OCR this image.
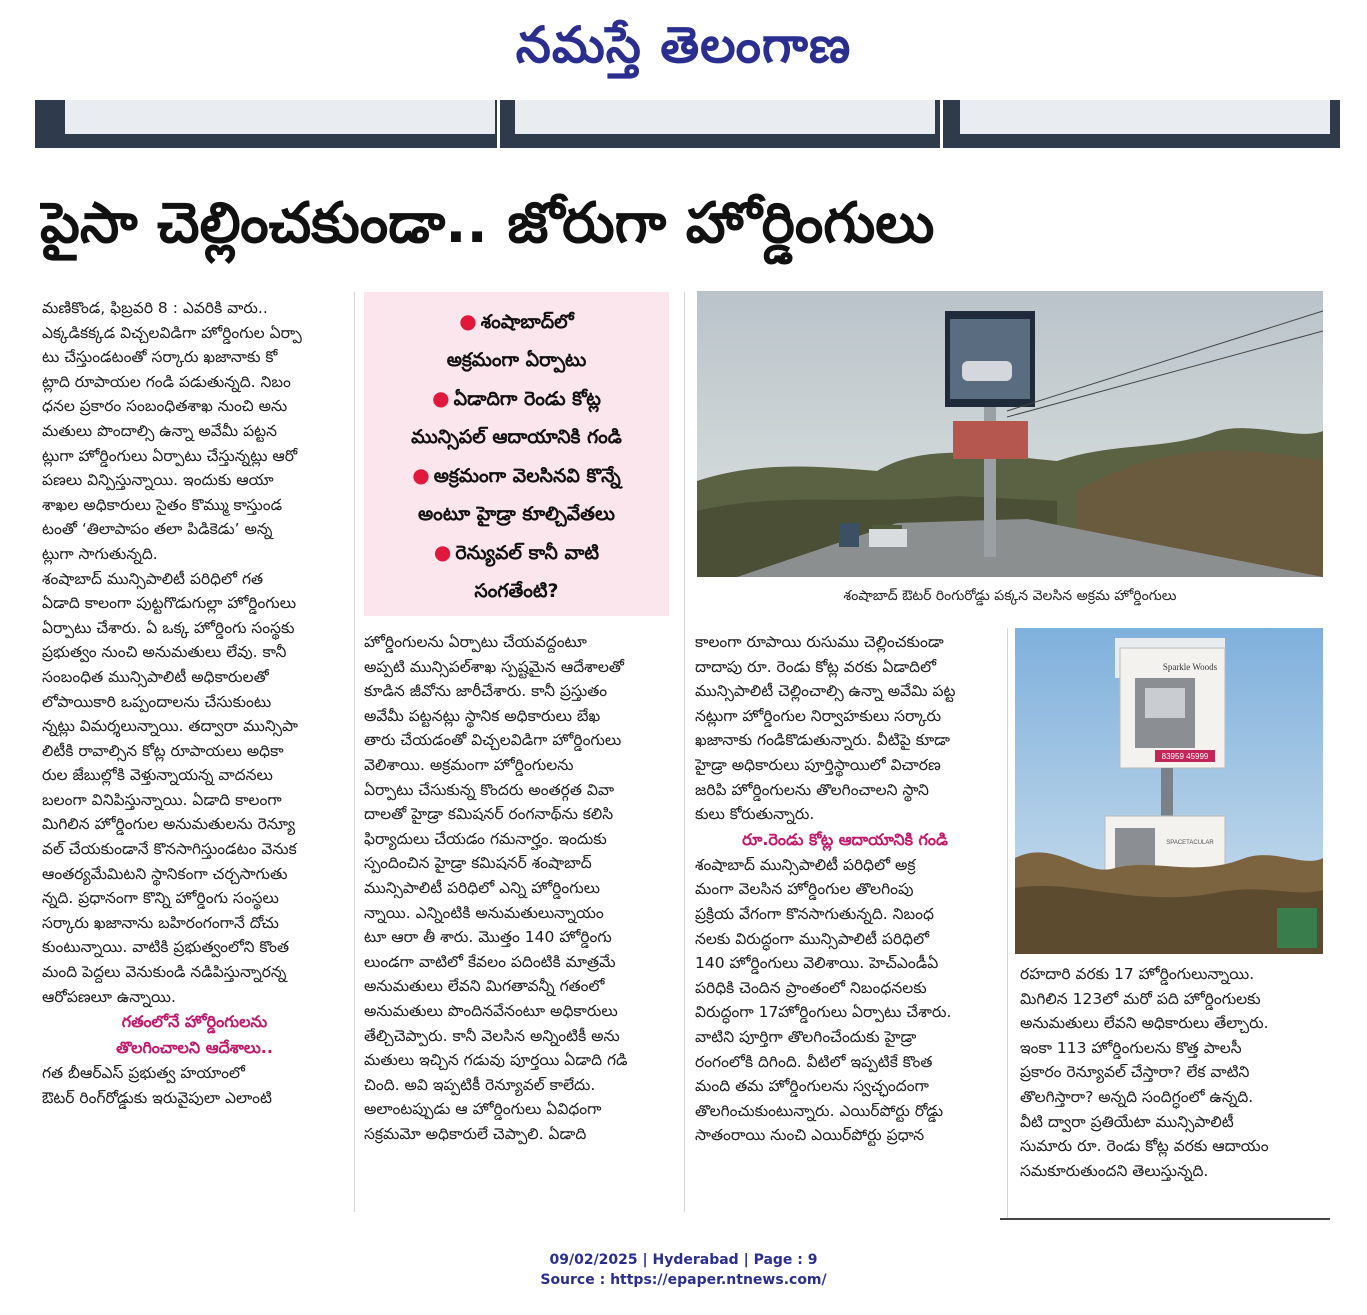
నమస్తే తెలంగాణ
పైసా చెల్లించకుండా.. జోరుగా హోర్డింగులు
మణికొండ, ఫిబ్రవరి 8 : ఎవరికి వారు..
ఎక్కడికక్కడ విచ్చలవిడిగా హోర్డింగుల ఏర్పా
టు చేస్తుండటంతో సర్కారు ఖజానాకు కో
ట్లాది రూపాయల గండి పడుతున్నది. నిబం
ధనల ప్రకారం సంబంధితశాఖ నుంచి అను
మతులు పొందాల్సి ఉన్నా అవేమీ పట్టన
ట్లుగా హోర్డింగులు ఏర్పాటు చేస్తున్నట్లు ఆరో
పణలు విన్పిస్తున్నాయి. ఇందుకు ఆయా
శాఖల అధికారులు సైతం కొమ్ము కాస్తుండ
టంతో ‘తిలాపాపం తలా పిడికెడు’ అన్న
ట్లుగా సాగుతున్నది.
శంషాబాద్ మున్సిపాలిటీ పరిధిలో గత
ఏడాది కాలంగా పుట్టగొడుగుల్లా హోర్డింగులు
ఏర్పాటు చేశారు. ఏ ఒక్క హోర్డింగు సంస్థకు
ప్రభుత్వం నుంచి అనుమతులు లేవు. కానీ
సంబంధిత మున్సిపాలిటీ అధికారులతో
లోపాయికారి ఒప్పందాలను చేసుకుంటు
న్నట్లు విమర్శలున్నాయి. తద్వారా మున్సిపా
లిటీకి రావాల్సిన కోట్ల రూపాయలు అధికా
రుల జేబుల్లోకి వెళ్తున్నాయన్న వాదనలు
బలంగా వినిపిస్తున్నాయి. ఏడాది కాలంగా
మిగిలిన హోర్డింగుల అనుమతులను రెన్యూ
వల్ చేయకుండానే కొనసాగిస్తుండటం వెనుక
ఆంతర్యమేమిటని స్థానికంగా చర్చసాగుతు
న్నది. ప్రధానంగా కొన్ని హోర్డింగు సంస్థలు
సర్కారు ఖజానాను బహిరంగంగానే దోచు
కుంటున్నాయి. వాటికి ప్రభుత్వంలోని కొంత
మంది పెద్దలు వెనుకుండి నడిపిస్తున్నారన్న
ఆరోపణలూ ఉన్నాయి.
గతంలోనే హోర్డింగులను
తొలగించాలని ఆదేశాలు..
గత బీఆర్ఎస్ ప్రభుత్వ హయాంలో
ఔటర్ రింగ్‌రోడ్డుకు ఇరువైపులా ఎలాంటి
● శంషాబాద్‌లో
అక్రమంగా ఏర్పాటు
● ఏడాదిగా రెండు కోట్ల
మున్సిపల్ ఆదాయానికి గండి
● అక్రమంగా వెలసినవి కొన్నే
అంటూ హైడ్రా కూల్చివేతలు
● రెన్యువల్ కానీ వాటి
సంగతేంటి?
హోర్డింగులను ఏర్పాటు చేయవద్దంటూ
అప్పటి మున్సిపల్‌శాఖ స్పష్టమైన ఆదేశాలతో
కూడిన జీవోను జారీచేశారు. కానీ ప్రస్తుతం
అవేమీ పట్టనట్లు స్థానిక అధికారులు బేఖ
తారు చేయడంతో విచ్చలవిడిగా హోర్డింగులు
వెలిశాయి. అక్రమంగా హోర్డింగులను
ఏర్పాటు చేసుకున్న కొందరు అంతర్గత వివా
దాలతో హైడ్రా కమిషనర్ రంగనాథ్‌ను కలిసి
ఫిర్యాదులు చేయడం గమనార్హం. ఇందుకు
స్పందించిన హైడ్రా కమిషనర్ శంషాబాద్
మున్సిపాలిటీ పరిధిలో ఎన్ని హోర్డింగులు
న్నాయి. ఎన్నింటికి అనుమతులున్నాయం
టూ ఆరా తీ శారు. మొత్తం 140 హోర్డింగు
లుండగా వాటిలో కేవలం పదింటికి మాత్రమే
అనుమతులు లేవని మిగతావన్నీ గతంలో
అనుమతులు పొందినవేనంటూ అధికారులు
తేల్చిచెప్పారు. కానీ వెలసిన అన్నింటికీ అను
మతులు ఇచ్చిన గడువు పూర్తయి ఏడాది గడి
చింది. అవి ఇప్పటికీ రెన్యూవల్ కాలేదు.
అలాంటప్పుడు ఆ హోర్డింగులు ఏవిధంగా
సక్రమమో అధికారులే చెప్పాలి. ఏడాది
శంషాబాద్ ఔటర్ రింగురోడ్డు పక్కన వెలసిన అక్రమ హోర్డింగులు
కాలంగా రూపాయి రుసుము చెల్లించకుండా
దాదాపు రూ. రెండు కోట్ల వరకు ఏడాదిలో
మున్సిపాలిటీ చెల్లించాల్సి ఉన్నా అవేమి పట్ట
నట్లుగా హోర్డింగుల నిర్వాహకులు సర్కారు
ఖజానాకు గండికొడుతున్నారు. వీటిపై కూడా
హైడ్రా అధికారులు పూర్తిస్థాయిలో విచారణ
జరిపి హోర్డింగులను తొలగించాలని స్థాని
కులు కోరుతున్నారు.
రూ.రెండు కోట్ల ఆదాయానికి గండి
శంషాబాద్ మున్సిపాలిటీ పరిధిలో అక్ర
మంగా వెలసిన హోర్డింగుల తొలగింపు
ప్రక్రియ వేగంగా కొనసాగుతున్నది. నిబంధ
నలకు విరుద్ధంగా మున్సిపాలిటీ పరిధిలో
140 హోర్డింగులు వెలిశాయి. హెచ్ఎండీఏ
పరిధికి చెందిన ప్రాంతంలో నిబంధనలకు
విరుద్ధంగా 17హోర్డింగులు ఏర్పాటు చేశారు.
వాటిని పూర్తిగా తొలగించేందుకు హైడ్రా
రంగంలోకి దిగింది. వీటిలో ఇప్పటికే కొంత
మంది తమ హోర్డింగులను స్వచ్ఛందంగా
తొలగించుకుంటున్నారు. ఎయిర్‌పోర్టు రోడ్డు
సాతంరాయి నుంచి ఎయిర్‌పోర్టు ప్రధాన
83959 45999
Sparkle Woods
SPACETACULAR
రహదారి వరకు 17 హోర్డింగులున్నాయి.
మిగిలిన 123లో మరో పది హోర్డింగులకు
అనుమతులు లేవని అధికారులు తేల్చారు.
ఇంకా 113 హోర్డింగులను కొత్త పాలసీ
ప్రకారం రెన్యూవల్ చేస్తారా? లేక వాటిని
తొలగిస్తారా? అన్నది సందిగ్ధంలో ఉన్నది.
వీటి ద్వారా ప్రతియేటా మున్సిపాలిటీ
సుమారు రూ. రెండు కోట్ల వరకు ఆదాయం
సమకూరుతుందని తెలుస్తున్నది.
09/02/2025 | Hyderabad | Page : 9
Source : https://epaper.ntnews.com/
